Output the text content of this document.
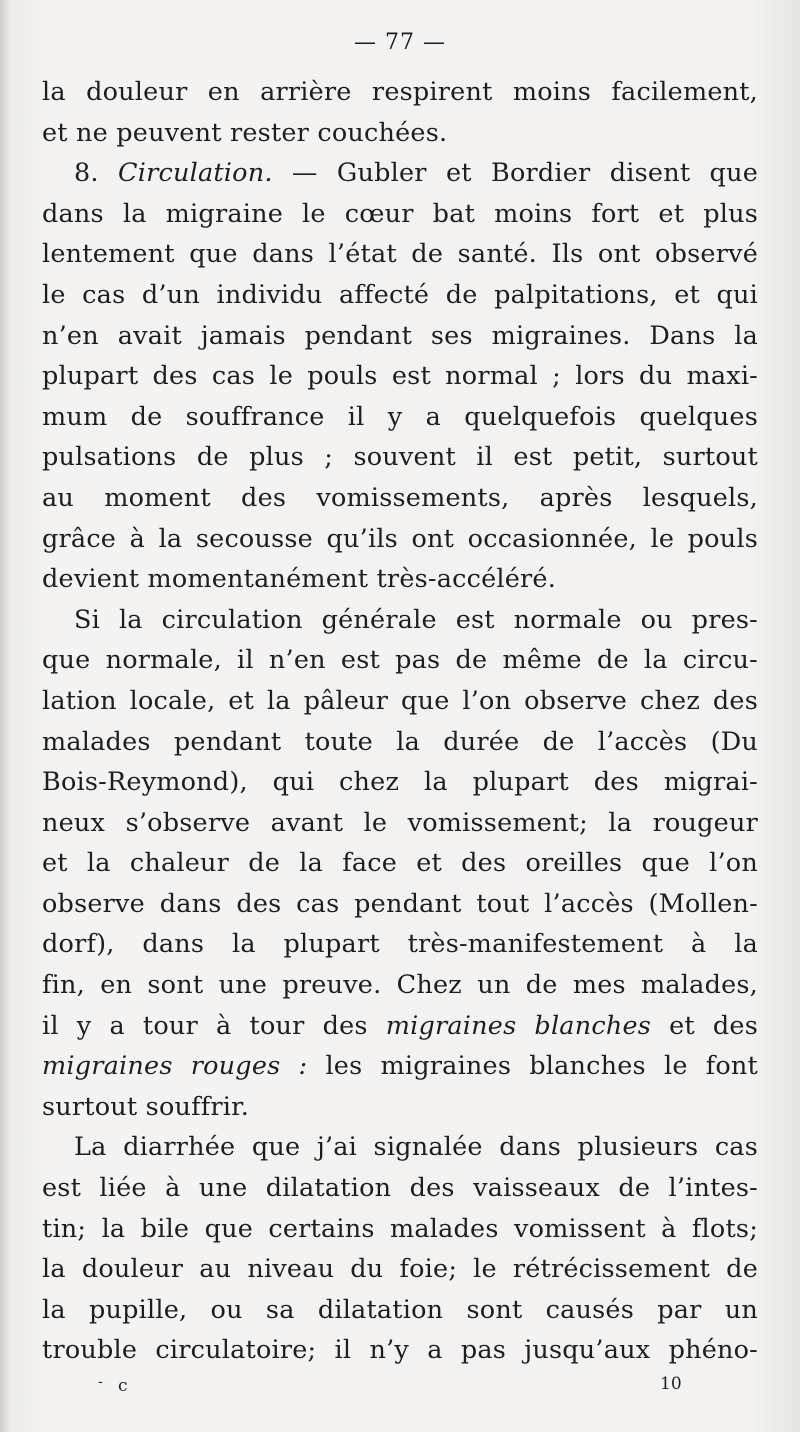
— 77 —
la douleur en arrière respirent moins facilement,
et ne peuvent rester couchées.
8. Circulation. — Gubler et Bordier disent que
dans la migraine le cœur bat moins fort et plus
lentement que dans l’état de santé. Ils ont observé
le cas d’un individu affecté de palpitations, et qui
n’en avait jamais pendant ses migraines. Dans la
plupart des cas le pouls est normal ; lors du maxi-
mum de souffrance il y a quelquefois quelques
pulsations de plus ; souvent il est petit, surtout
au moment des vomissements, après lesquels,
grâce à la secousse qu’ils ont occasionnée, le pouls
devient momentanément très-accéléré.
Si la circulation générale est normale ou pres-
que normale, il n’en est pas de même de la circu-
lation locale, et la pâleur que l’on observe chez des
malades pendant toute la durée de l’accès (Du
Bois-Reymond), qui chez la plupart des migrai-
neux s’observe avant le vomissement; la rougeur
et la chaleur de la face et des oreilles que l’on
observe dans des cas pendant tout l’accès (Mollen-
dorf), dans la plupart très-manifestement à la
fin, en sont une preuve. Chez un de mes malades,
il y a tour à tour des migraines blanches et des
migraines rouges : les migraines blanches le font
surtout souffrir.
La diarrhée que j’ai signalée dans plusieurs cas
est liée à une dilatation des vaisseaux de l’intes-
tin; la bile que certains malades vomissent à flots;
la douleur au niveau du foie; le rétrécissement de
la pupille, ou sa dilatation sont causés par un
trouble circulatoire; il n’y a pas jusqu’aux phéno-
- c	10
